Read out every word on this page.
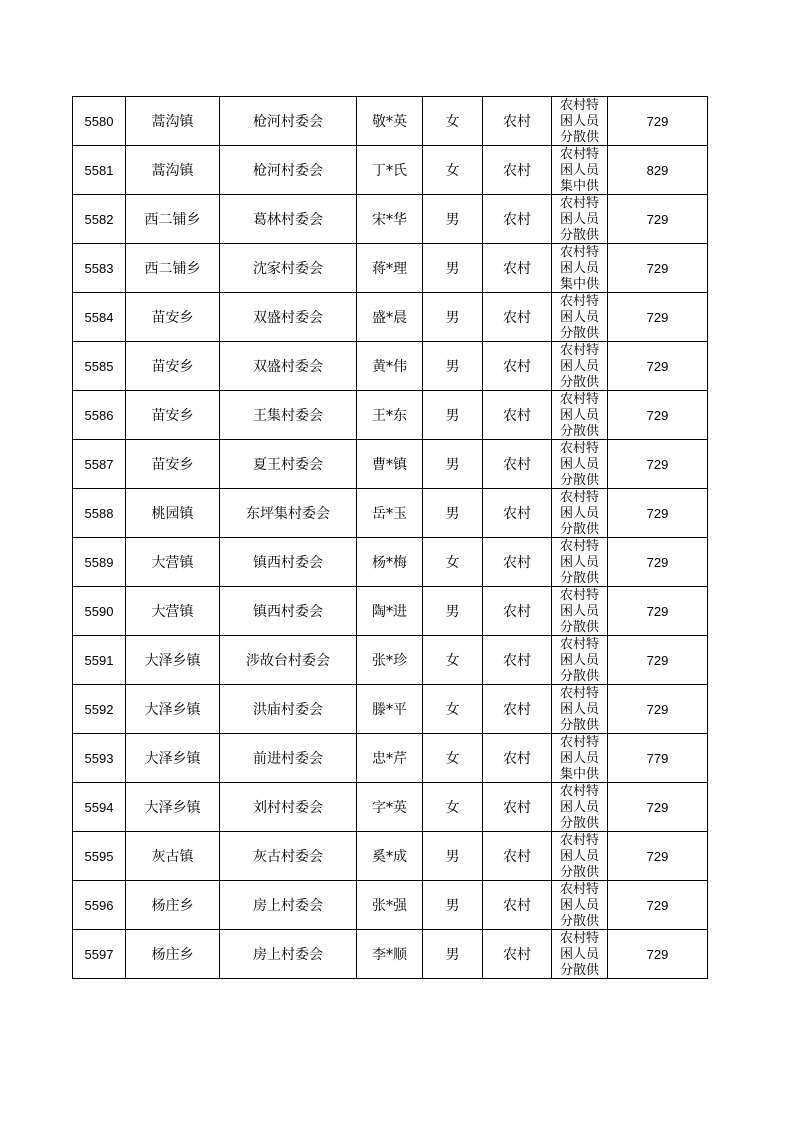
5580	蒿沟镇	枪河村委会	敬*英	女	农村	农村特
困人员
分散供	729
5581	蒿沟镇	枪河村委会	丁*氏	女	农村	农村特
困人员
集中供	829
5582	西二铺乡	葛林村委会	宋*华	男	农村	农村特
困人员
分散供	729
5583	西二铺乡	沈家村委会	蒋*理	男	农村	农村特
困人员
集中供	729
5584	苗安乡	双盛村委会	盛*晨	男	农村	农村特
困人员
分散供	729
5585	苗安乡	双盛村委会	黄*伟	男	农村	农村特
困人员
分散供	729
5586	苗安乡	王集村委会	王*东	男	农村	农村特
困人员
分散供	729
5587	苗安乡	夏王村委会	曹*镇	男	农村	农村特
困人员
分散供	729
5588	桃园镇	东坪集村委会	岳*玉	男	农村	农村特
困人员
分散供	729
5589	大营镇	镇西村委会	杨*梅	女	农村	农村特
困人员
分散供	729
5590	大营镇	镇西村委会	陶*进	男	农村	农村特
困人员
分散供	729
5591	大泽乡镇	涉故台村委会	张*珍	女	农村	农村特
困人员
分散供	729
5592	大泽乡镇	洪庙村委会	滕*平	女	农村	农村特
困人员
分散供	729
5593	大泽乡镇	前进村委会	忠*芹	女	农村	农村特
困人员
集中供	779
5594	大泽乡镇	刘村村委会	字*英	女	农村	农村特
困人员
分散供	729
5595	灰古镇	灰古村委会	奚*成	男	农村	农村特
困人员
分散供	729
5596	杨庄乡	房上村委会	张*强	男	农村	农村特
困人员
分散供	729
5597	杨庄乡	房上村委会	李*顺	男	农村	农村特
困人员
分散供	729
